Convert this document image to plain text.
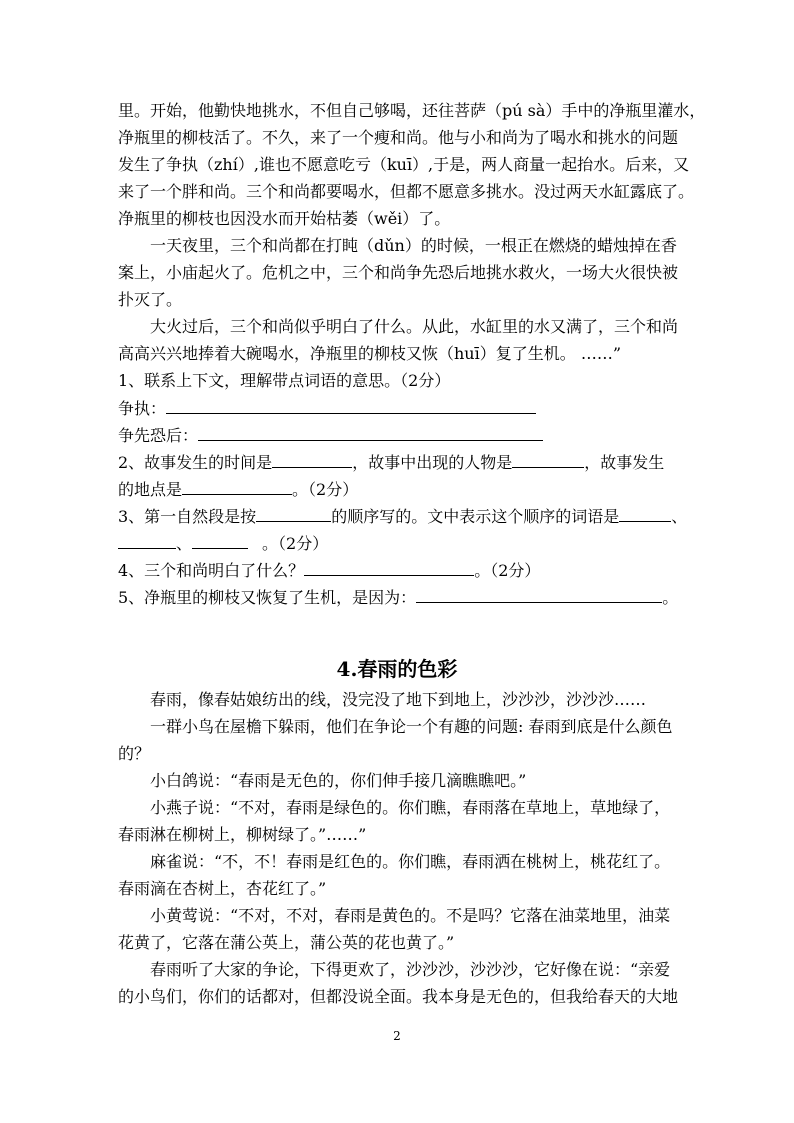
里。开始，他勤快地挑水，不但自己够喝，还往菩萨（pú sà）手中的净瓶里灌水，
净瓶里的柳枝活了。不久，来了一个瘦和尚。他与小和尚为了喝水和挑水的问题
发生了争执（zhí）,谁也不愿意吃亏（kuī）,于是，两人商量一起抬水。后来，又
来了一个胖和尚。三个和尚都要喝水，但都不愿意多挑水。没过两天水缸露底了。
净瓶里的柳枝也因没水而开始枯萎（wěi）了。
一天夜里，三个和尚都在打盹（dǔn）的时候，一根正在燃烧的蜡烛掉在香
案上，小庙起火了。危机之中，三个和尚争先恐后地挑水救火，一场大火很快被
扑灭了。
大火过后，三个和尚似乎明白了什么。从此，水缸里的水又满了，三个和尚
高高兴兴地捧着大碗喝水，净瓶里的柳枝又恢（huī）复了生机。 ……”
1、联系上下文，理解带点词语的意思。（2分）
争执：
争先恐后：
2、故事发生的时间是	，故事中出现的人物是	，故事发生
的地点是	。（2分）
3、第一自然段是按	的顺序写的。文中表示这个顺序的词语是	、
、	。（2分）
4、三个和尚明白了什么？	。（2分）
5、净瓶里的柳枝又恢复了生机，是因为：	。
4.春雨的色彩
春雨，像春姑娘纺出的线，没完没了地下到地上，沙沙沙，沙沙沙……
一群小鸟在屋檐下躲雨，他们在争论一个有趣的问题: 春雨到底是什么颜色
的？
小白鸽说：“春雨是无色的，你们伸手接几滴瞧瞧吧。”
小燕子说：“不对，春雨是绿色的。你们瞧，春雨落在草地上，草地绿了，
春雨淋在柳树上，柳树绿了。”……”
麻雀说：“不，不！春雨是红色的。你们瞧，春雨洒在桃树上，桃花红了。
春雨滴在杏树上，杏花红了。”
小黄莺说：“不对，不对，春雨是黄色的。不是吗？它落在油菜地里，油菜
花黄了，它落在蒲公英上，蒲公英的花也黄了。”
春雨听了大家的争论，下得更欢了，沙沙沙，沙沙沙，它好像在说：“亲爱
的小鸟们，你们的话都对，但都没说全面。我本身是无色的，但我给春天的大地
2
